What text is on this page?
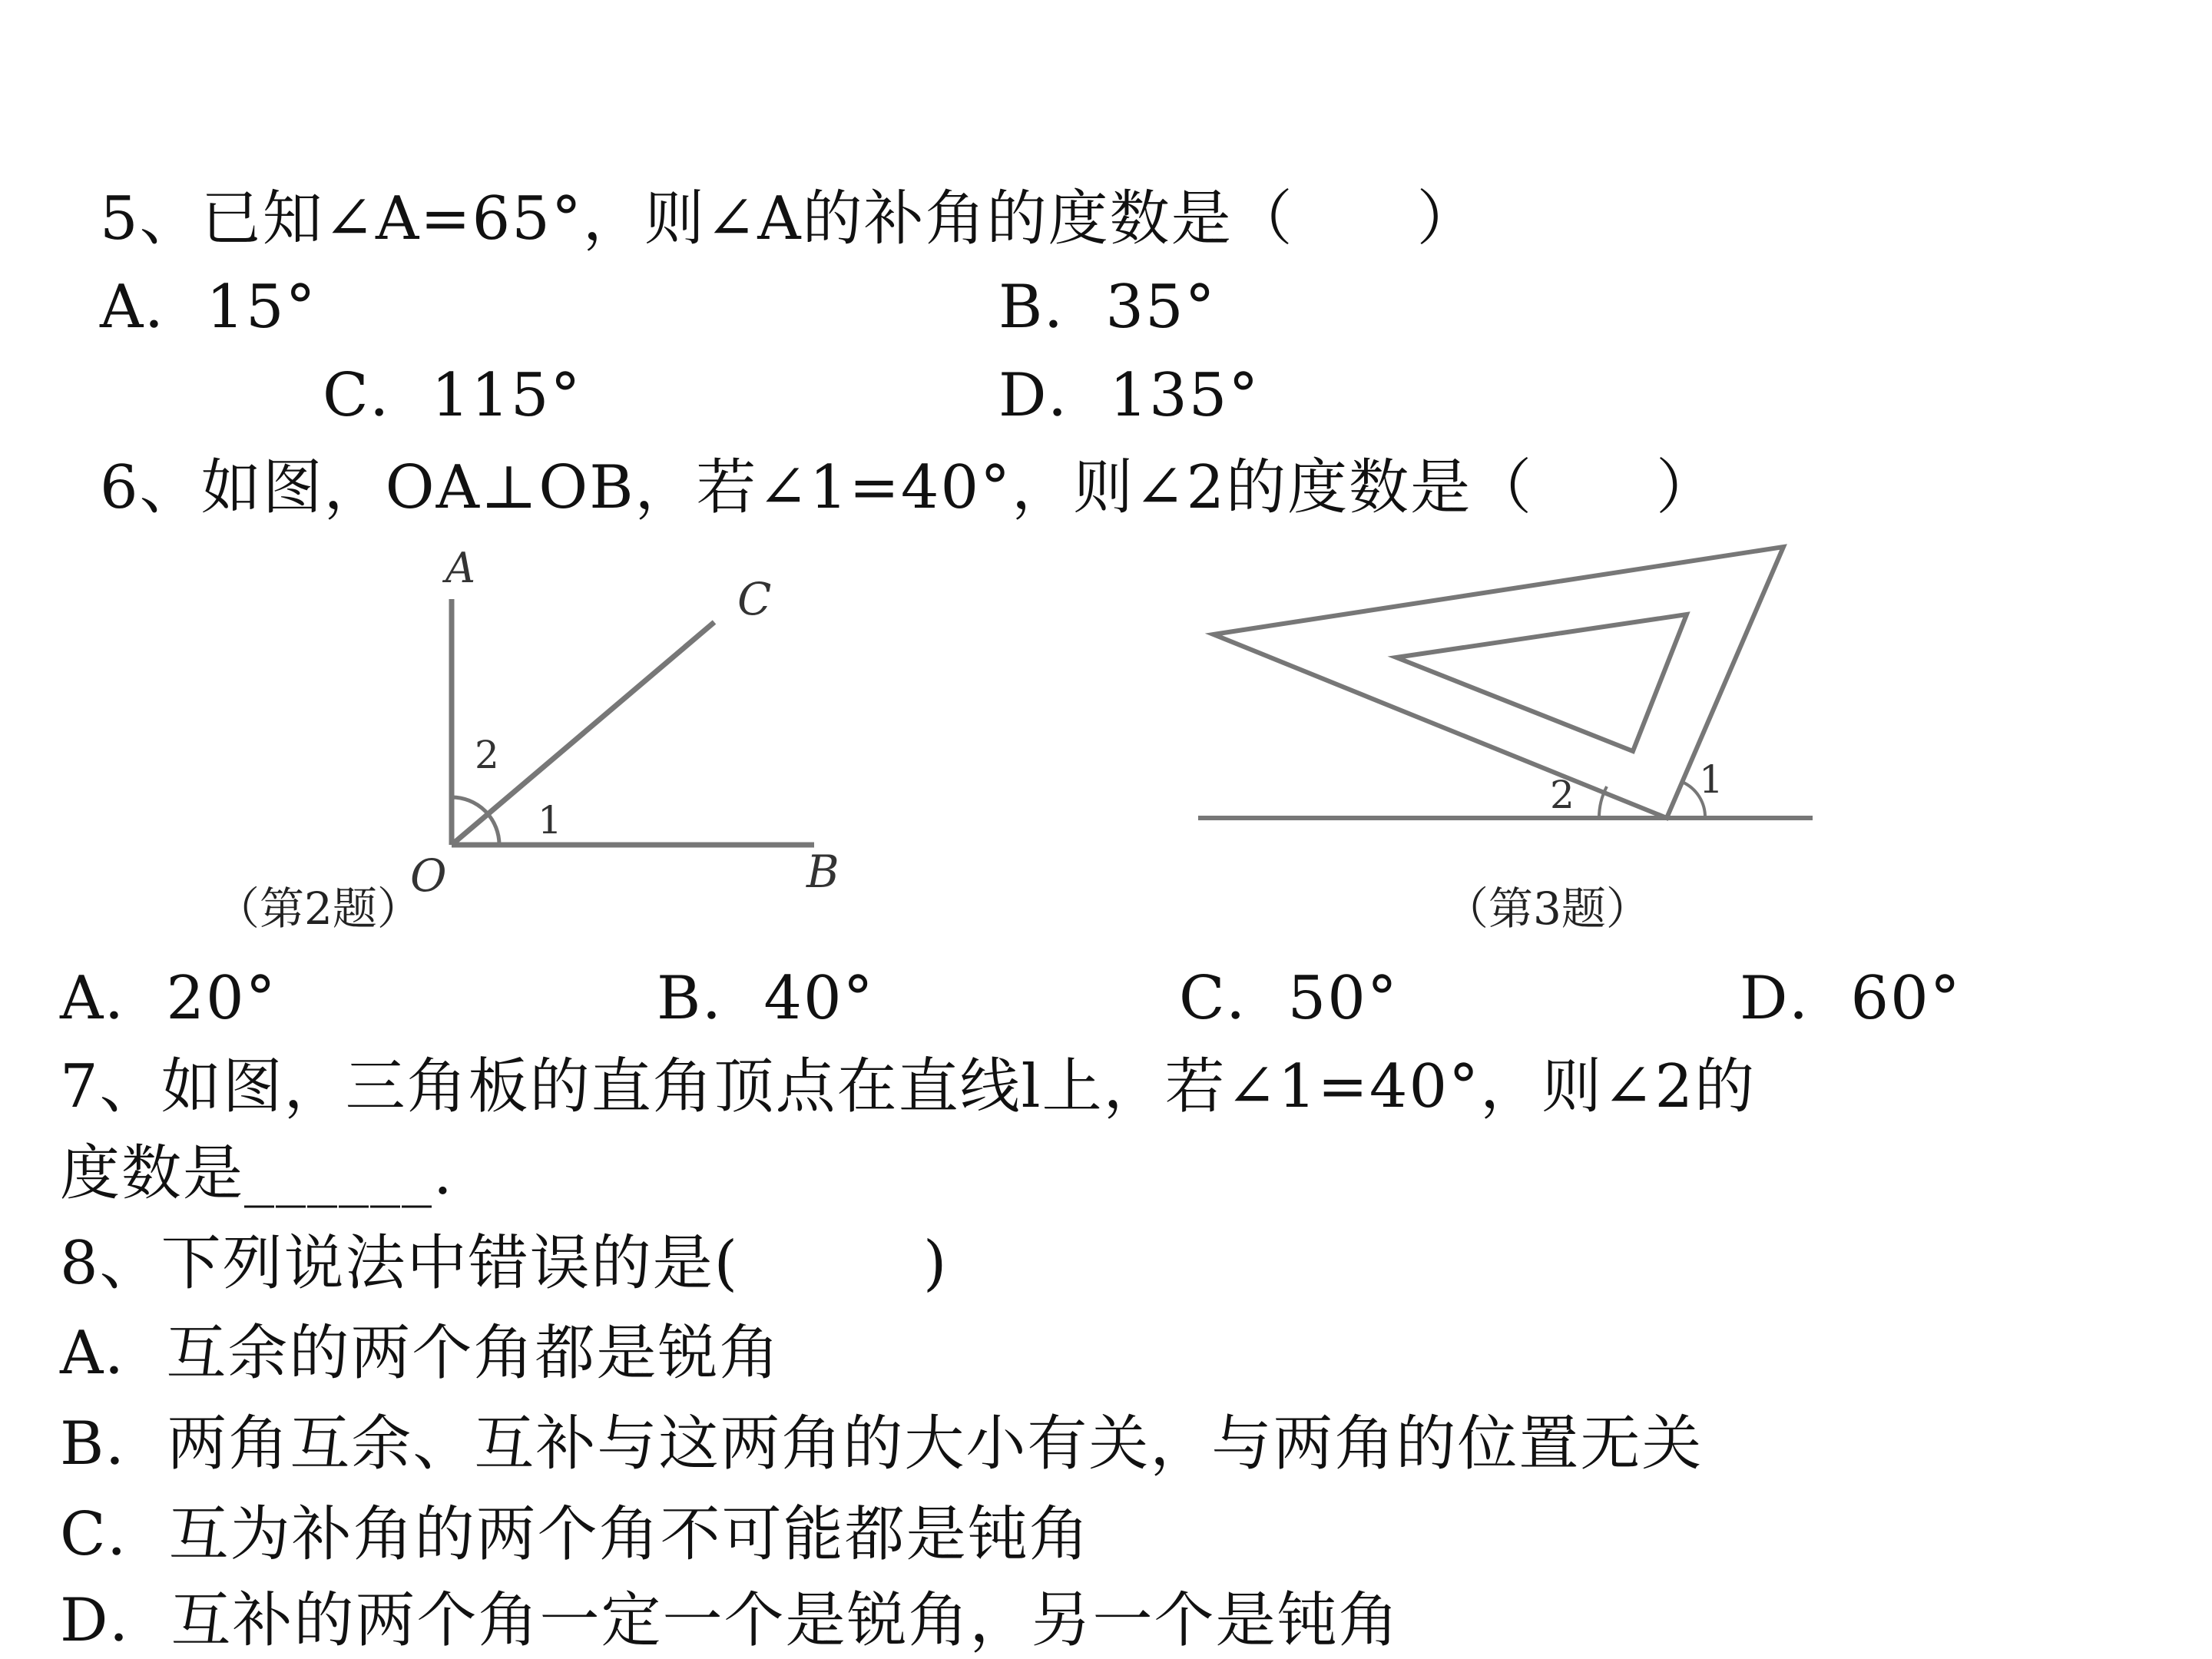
5、已知∠A=65°，则∠A的补角的度数是（　　）
A．15°	B．35°
C．115°	D．135°
6、如图，OA⊥OB，若∠1=40°，则∠2的度数是（　　）
A
C
O	B
2
1
（第2题）
2	1
（第3题）
A．20°	B．40°	C．50°	D．60°
7、如图，三角板的直角顶点在直线l上，若∠1=40°，则∠2的
度数是______.
8、下列说法中错误的是(　　　)
A．互余的两个角都是锐角
B．两角互余、互补与这两角的大小有关，与两角的位置无关
C．互为补角的两个角不可能都是钝角
D．互补的两个角一定一个是锐角，另一个是钝角
